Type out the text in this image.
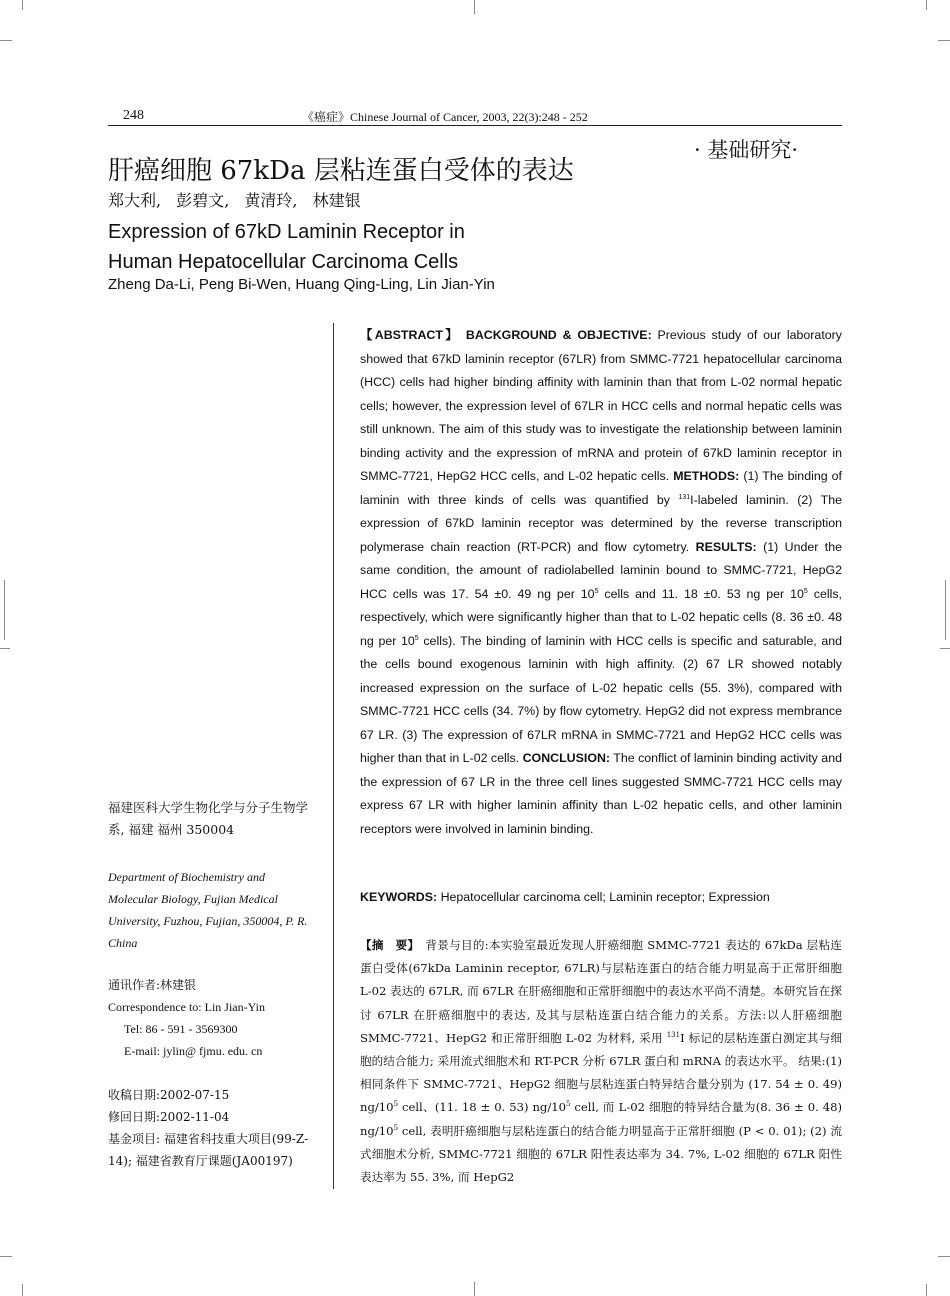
248	《癌症》Chinese Journal of Cancer, 2003, 22(3):248 - 252
· 基础研究·
肝癌细胞 67kDa 层粘连蛋白受体的表达
郑大利, 彭碧文, 黄清玲, 林建银
Expression of 67kD Laminin Receptor in
Human Hepatocellular Carcinoma Cells
Zheng Da-Li, Peng Bi-Wen, Huang Qing-Ling, Lin Jian-Yin

【ABSTRACT】 BACKGROUND & OBJECTIVE: Previous study of our laboratory showed that 67kD laminin receptor (67LR) from SMMC-7721 hepatocellular carcinoma (HCC) cells had higher binding affinity with laminin than that from L-02 normal hepatic cells; however, the expression level of 67LR in HCC cells and normal hepatic cells was still unknown. The aim of this study was to investigate the relationship between laminin binding activity and the expression of mRNA and protein of 67kD laminin receptor in SMMC-7721, HepG2 HCC cells, and L-02 hepatic cells. METHODS: (1) The binding of laminin with three kinds of cells was quantified by $^{131}$I-labeled laminin. (2) The expression of 67kD laminin receptor was determined by the reverse transcription polymerase chain reaction (RT-PCR) and flow cytometry. RESULTS: (1) Under the same condition, the amount of radiolabelled laminin bound to SMMC-7721, HepG2 HCC cells was 17. 54 ±0. 49 ng per $10^5$ cells and 11. 18 ±0. 53 ng per $10^5$ cells, respectively, which were significantly higher than that to L-02 hepatic cells (8. 36 ±0. 48 ng per $10^5$ cells). The binding of laminin with HCC cells is specific and saturable, and the cells bound exogenous laminin with high affinity. (2) 67 LR showed notably increased expression on the surface of L-02 hepatic cells (55. 3%), compared with SMMC-7721 HCC cells (34. 7%) by flow cytometry. HepG2 did not express membrance 67 LR. (3) The expression of 67LR mRNA in SMMC-7721 and HepG2 HCC cells was higher than that in L-02 cells. CONCLUSION: The conflict of laminin binding activity and the expression of 67 LR in the three cell lines suggested SMMC-7721 HCC cells may express 67 LR with higher laminin affinity than L-02 hepatic cells, and other laminin receptors were involved in laminin binding.

KEYWORDS: Hepatocellular carcinoma cell; Laminin receptor; Expression

【摘　要】　 背景与目的:本实验室最近发现人肝癌细胞 SMMC-7721 表达的 67kDa 层粘连蛋白受体(67kDa Laminin receptor, 67LR)与层粘连蛋白的结合能力明显高于正常肝细胞 L-02 表达的 67LR, 而 67LR 在肝癌细胞和正常肝细胞中的表达水平尚不清楚。本研究旨在探讨 67LR 在肝癌细胞中的表达, 及其与层粘连蛋白结合能力的关系。方法:以人肝癌细胞 SMMC-7721、HepG2 和正常肝细胞 L-02 为材料, 采用 $^{131}$I 标记的层粘连蛋白测定其与细胞的结合能力; 采用流式细胞术和 RT-PCR 分析 67LR 蛋白和 mRNA 的表达水平。 结果:(1)相同条件下 SMMC-7721、HepG2 细胞与层粘连蛋白特异结合量分别为 (17. 54 ± 0. 49) $ng/10^5$ cell、(11. 18 ± 0. 53) $ng/10^5$ cell, 而 L-02 细胞的特异结合量为(8. 36 ± 0. 48) $ng/10^5$ cell, 表明肝癌细胞与层粘连蛋白的结合能力明显高于正常肝细胞 (P < 0. 01); (2) 流式细胞术分析, SMMC-7721 细胞的 67LR 阳性表达率为 34. 7%, L-02 细胞的 67LR 阳性表达率为 55. 3%, 而 HepG2

福建医科大学生物化学与分子生物学系, 福建 福州 350004
Department of Biochemistry and Molecular Biology, Fujian Medical University, Fuzhou, Fujian, 350004, P. R. China
通讯作者:林建银
Correspondence to: Lin Jian-Yin
Tel: 86 - 591 - 3569300
E-mail: jylin@ fjmu. edu. cn
收稿日期:2002-07-15
修回日期:2002-11-04
基金项目: 福建省科技重大项目(99-Z-14); 福建省教育厅课题(JA00197)
